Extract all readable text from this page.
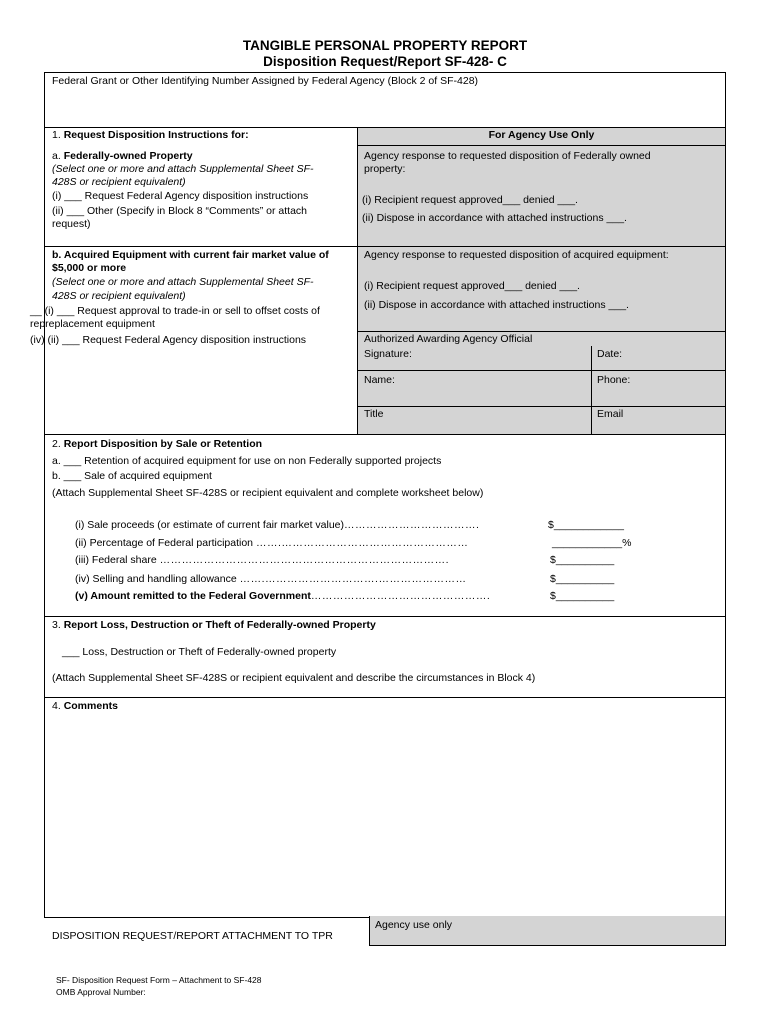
TANGIBLE PERSONAL PROPERTY REPORT
Disposition Request/Report SF-428- C
Federal Grant or Other Identifying Number Assigned by Federal Agency (Block 2 of SF-428)
1. Request Disposition Instructions for:	For Agency Use Only
a. Federally-owned Property
(Select one or more and attach Supplemental Sheet SF-
428S or recipient equivalent)
(i) ___ Request Federal Agency disposition instructions
(ii) ___ Other (Specify in Block 8 “Comments” or attach
request)
Agency response to requested disposition of Federally owned
property:
(i) Recipient request approved___ denied ___.
(ii) Dispose in accordance with attached instructions ___.
b. Acquired Equipment with current fair market value of
$5,000 or more
(Select one or more and attach Supplemental Sheet SF-
428S or recipient equivalent)
__ (i) ___ Request approval to trade-in or sell to offset costs of
repreplacement equipment
(iv) (ii) ___ Request Federal Agency disposition instructions
Agency response to requested disposition of acquired equipment:
(i) Recipient request approved___ denied ___.
(ii) Dispose in accordance with attached instructions ___.
Authorized Awarding Agency Official
Signature:	Date:
Name:	Phone:
Title	Email
2. Report Disposition by Sale or Retention
a. ___ Retention of acquired equipment for use on non Federally supported projects
b. ___ Sale of acquired equipment
(Attach Supplemental Sheet SF-428S or recipient equivalent and complete worksheet below)
(i) Sale proceeds (or estimate of current fair market value)……………………………….	$____________
(ii) Percentage of Federal participation …….……………………………………………	____________%
(iii) Federal share …………………………………………………………………….	$__________
(iv) Selling and handling allowance …….………………………….……………………	$__________
(v) Amount remitted to the Federal Government………………………………………….	$__________
3. Report Loss, Destruction or Theft of Federally-owned Property
___ Loss, Destruction or Theft of Federally-owned property
(Attach Supplemental Sheet SF-428S or recipient equivalent and describe the circumstances in Block 4)
4. Comments
DISPOSITION REQUEST/REPORT ATTACHMENT TO TPR
Agency use only
SF- Disposition Request Form – Attachment to SF-428
OMB Approval Number:
